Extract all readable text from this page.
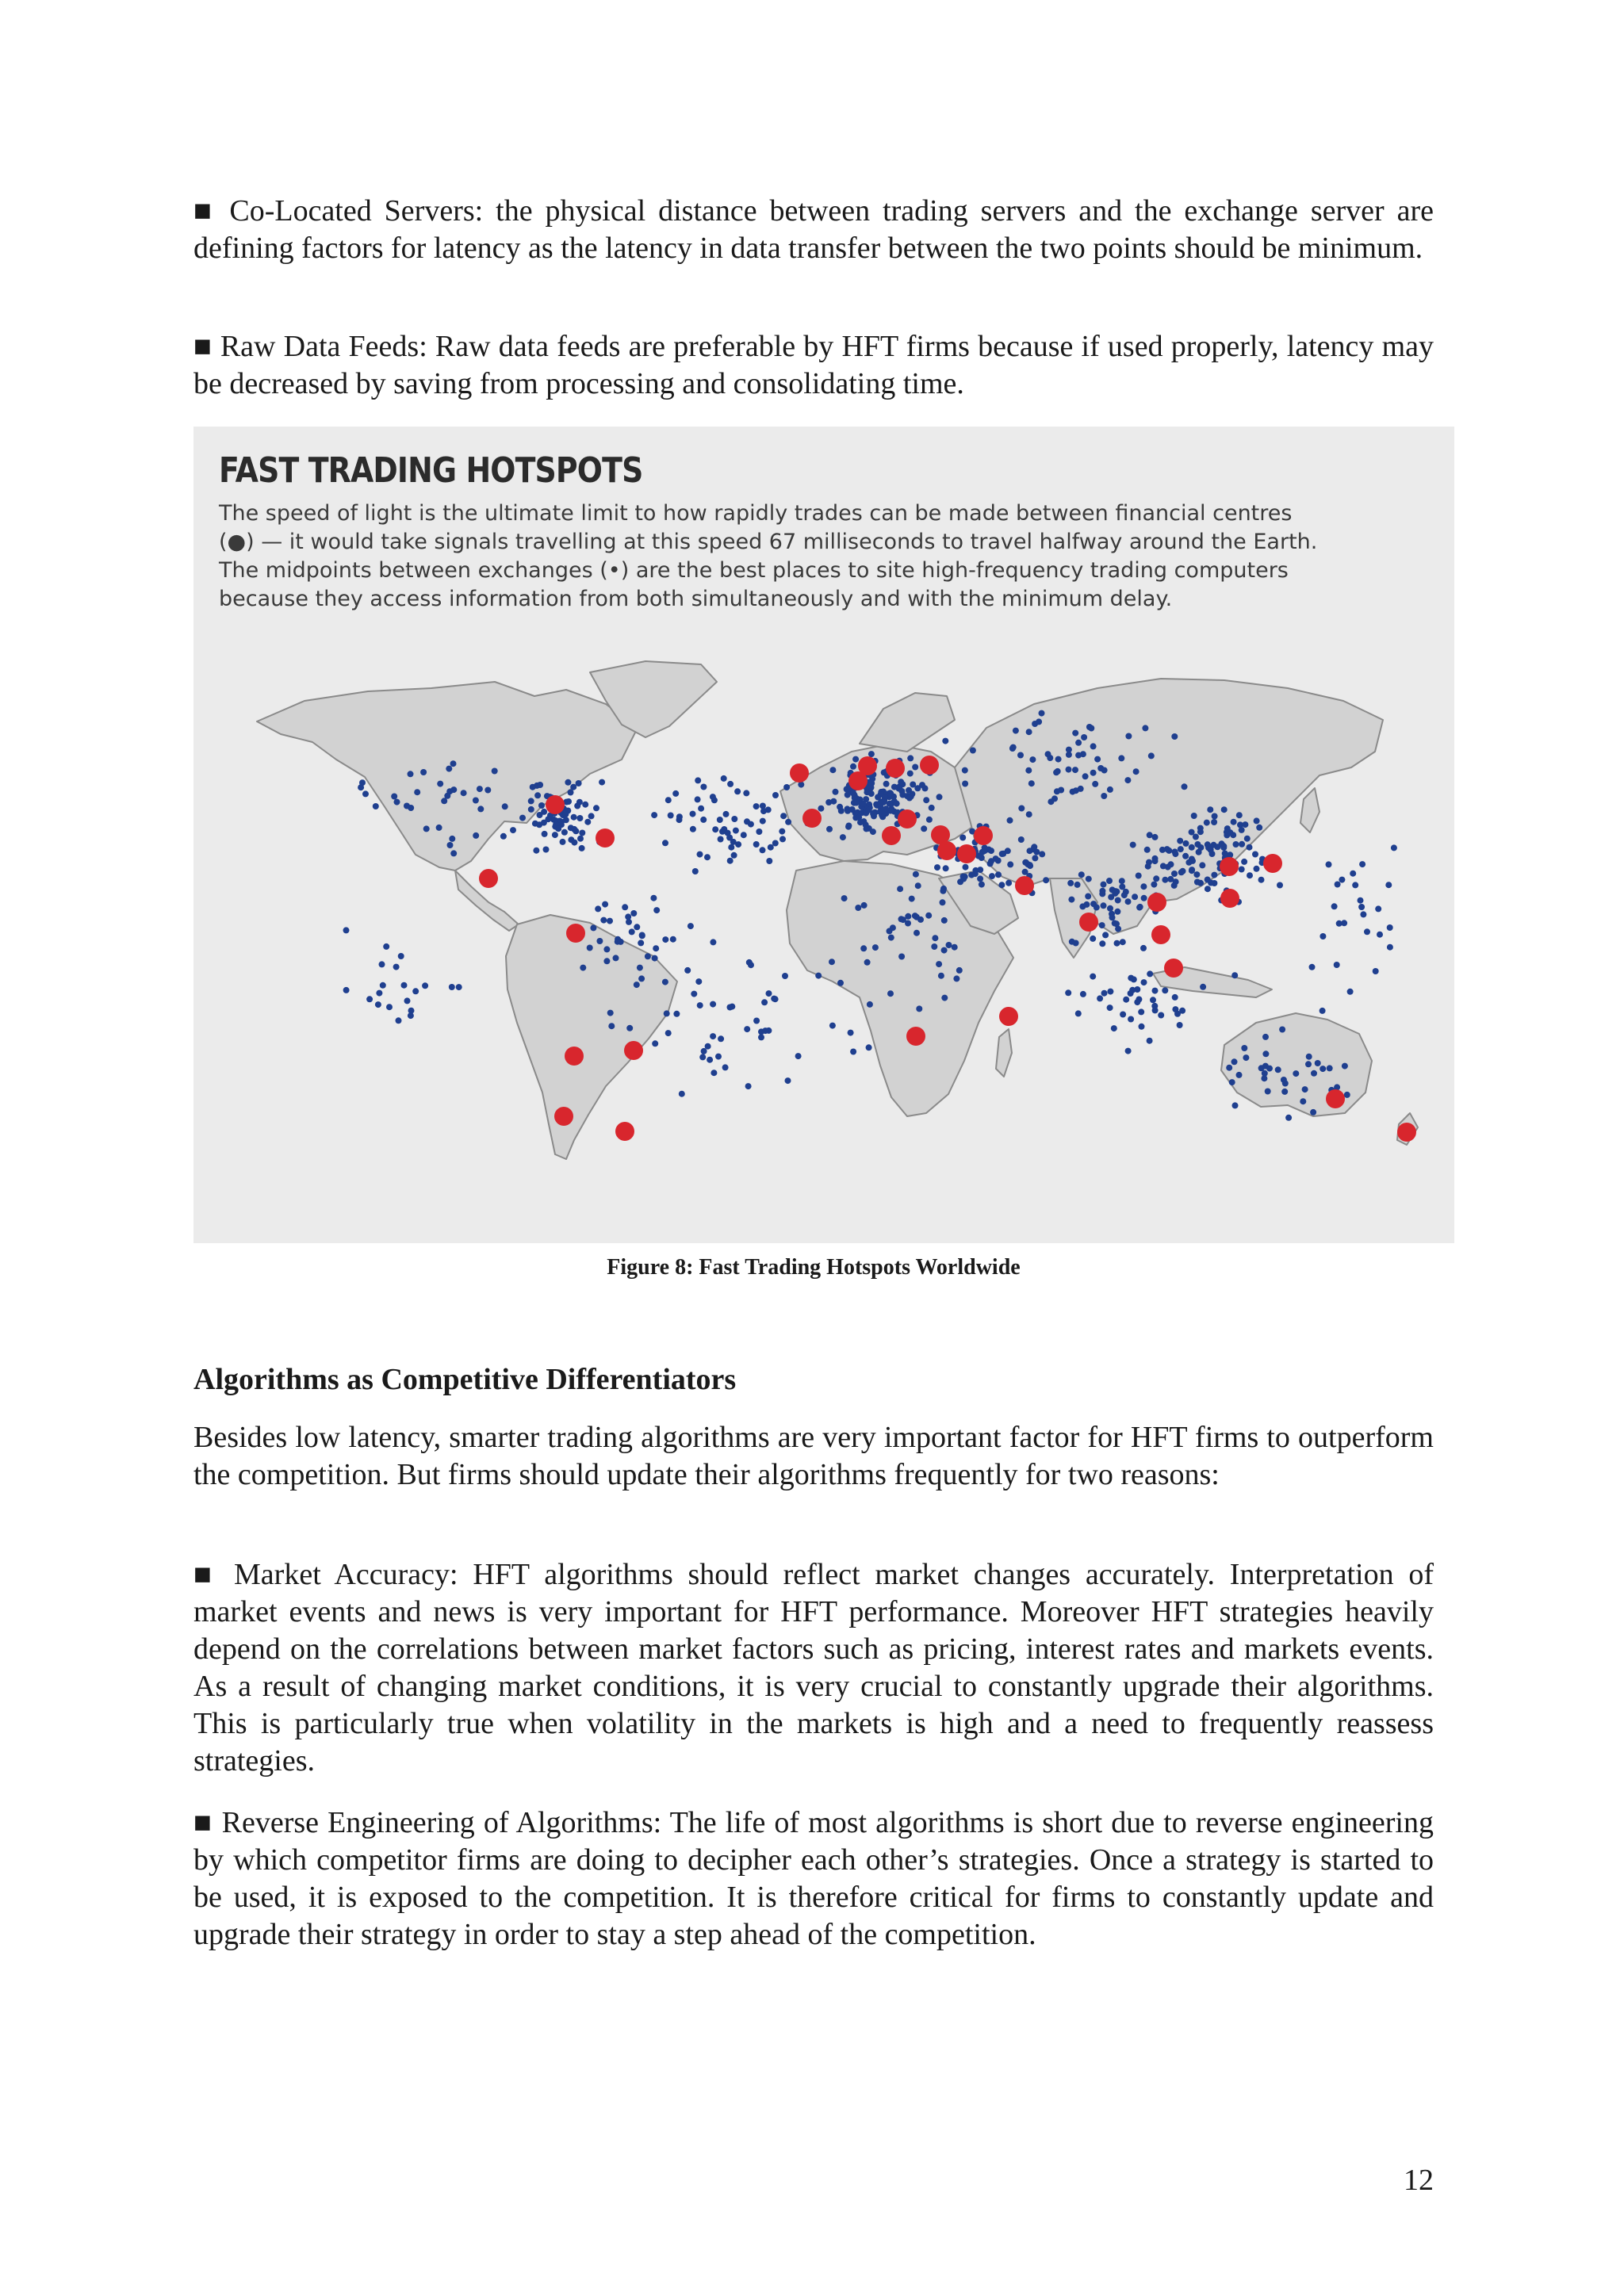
■ Co-Located Servers: the physical distance between trading servers and the exchange server are defining factors for latency as the latency in data transfer between the two points should be minimum.

■ Raw Data Feeds: Raw data feeds are preferable by HFT firms because if used properly, latency may be decreased by saving from processing and consolidating time.

FAST TRADING HOTSPOTS

The speed of light is the ultimate limit to how rapidly trades can be made between financial centres
(●) — it would take signals travelling at this speed 67 milliseconds to travel halfway around the Earth.
The midpoints between exchanges (•) are the best places to site high-frequency trading computers
because they access information from both simultaneously and with the minimum delay.

Figure 8: Fast Trading Hotspots Worldwide
Algorithms as Competitive Differentiators

Besides low latency, smarter trading algorithms are very important factor for HFT firms to outperform the competition. But firms should update their algorithms frequently for two reasons:

■ Market Accuracy: HFT algorithms should reflect market changes accurately. Interpretation of market events and news is very important for HFT performance. Moreover HFT strategies heavily depend on the correlations between market factors such as pricing, interest rates and markets events. As a result of changing market conditions, it is very crucial to constantly upgrade their algorithms. This is particularly true when volatility in the markets is high and a need to frequently reassess strategies.

■ Reverse Engineering of Algorithms: The life of most algorithms is short due to reverse engineering by which competitor firms are doing to decipher each other’s strategies. Once a strategy is started to be used, it is exposed to the competition. It is therefore critical for firms to constantly update and upgrade their strategy in order to stay a step ahead of the competition.

12
